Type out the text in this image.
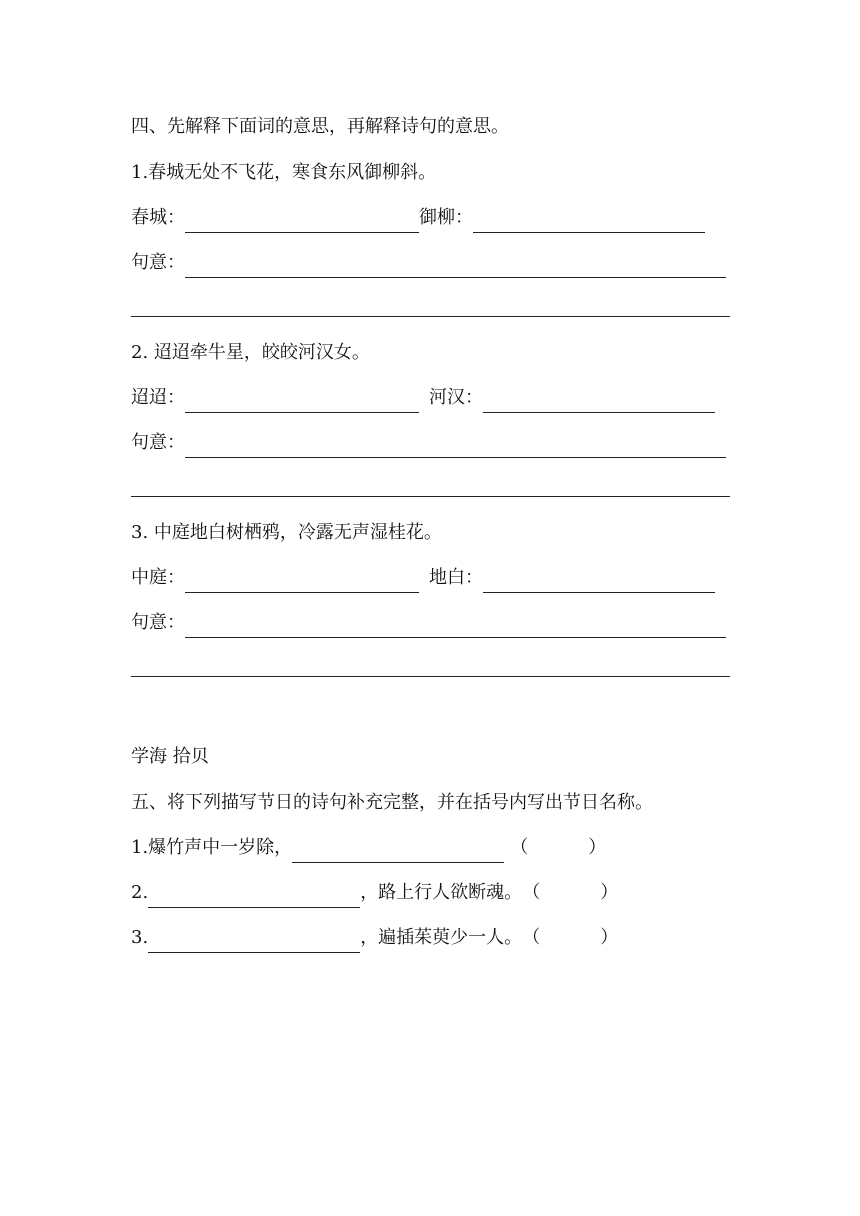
四、先解释下面词的意思，再解释诗句的意思。
1.春城无处不飞花，寒食东风御柳斜。
春城：	御柳：
句意：
2. 迢迢牵牛星，皎皎河汉女。
迢迢：	河汉：
句意：
3. 中庭地白树栖鸦，冷露无声湿桂花。
中庭：	地白：
句意：
学海 拾贝
五、将下列描写节日的诗句补充完整，并在括号内写出节日名称。
1.爆竹声中一岁除，	（	）
2.	，路上行人欲断魂。（	）
3.	，遍插茱萸少一人。（	）
